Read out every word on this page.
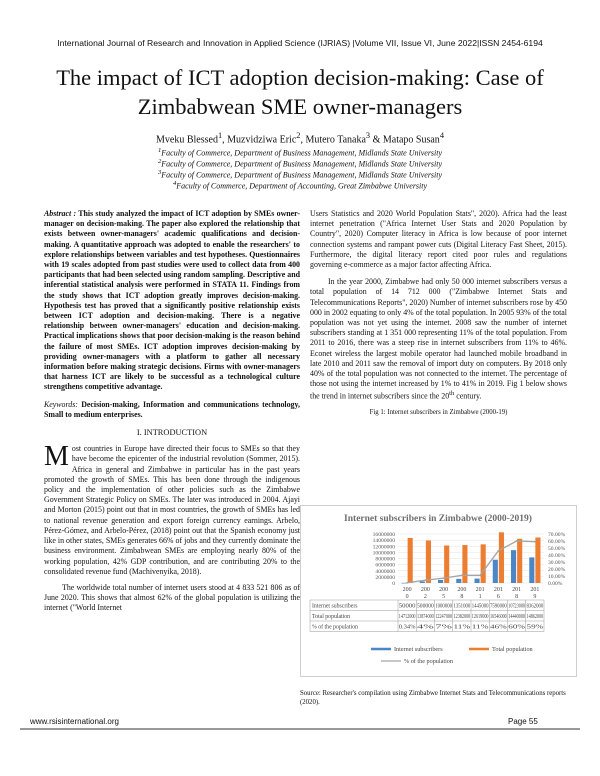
International Journal of Research and Innovation in Applied Science (IJRIAS) |Volume VII, Issue VI, June 2022|ISSN 2454-6194
The impact of ICT adoption decision-making: Case of
Zimbabwean SME owner-managers
Mveku Blessed$^1$, Muzvidziwa Eric$^2$, Mutero Tanaka$^3$ & Matapo Susan$^4$
$^1$Faculty of Commerce, Department of Business Management, Midlands State University
$^2$Faculty of Commerce, Department of Business Management, Midlands State University
$^3$Faculty of Commerce, Department of Business Management, Midlands State University
$^4$Faculty of Commerce, Department of Accounting, Great Zimbabwe University

Abstract : This study analyzed the impact of ICT adoption by SMEs owner-manager on decision-making. The paper also explored the relationship that exists between owner-managers' academic qualifications and decision-making. A quantitative approach was adopted to enable the researchers' to explore relationships between variables and test hypotheses. Questionnaires with 19 scales adopted from past studies were used to collect data from 400 participants that had been selected using random sampling. Descriptive and inferential statistical analysis were performed in STATA 11. Findings from the study shows that ICT adoption greatly improves decision-making. Hypothesis test has proved that a significantly positive relationship exists between ICT adoption and decision-making. There is a negative relationship between owner-managers' education and decision-making. Practical implications shows that poor decision-making is the reason behind the failure of most SMEs. ICT adoption improves decision-making by providing owner-managers with a platform to gather all necessary information before making strategic decisions. Firms with owner-managers that harness ICT are likely to be successful as a technological culture strengthens competitive advantage.

Keywords: Decision-making, Information and communications technology, Small to medium enterprises.

I. INTRODUCTION

Most countries in Europe have directed their focus to SMEs so that they have become the epicenter of the industrial revolution (Sommer, 2015). Africa in general and Zimbabwe in particular has in the past years promoted the growth of SMEs. This has been done through the indigenous policy and the implementation of other policies such as the Zimbabwe Government Strategic Policy on SMEs. The later was introduced in 2004. Ajayi and Morton (2015) point out that in most countries, the growth of SMEs has led to national revenue generation and export foreign currency earnings. Arbelo, Pérez-Gómez, and Arbelo-Pérez, (2018) point out that the Spanish economy just like in other states, SMEs generates 66% of jobs and they currently dominate the business environment. Zimbabwean SMEs are employing nearly 80% of the working population, 42% GDP contribution, and are contributing 20% to the consolidated revenue fund (Machivenyika, 2018).

The worldwide total number of internet users stood at 4 833 521 806 as of June 2020. This shows that almost 62% of the global population is utilizing the internet ("World Internet

Users Statistics and 2020 World Population Stats", 2020). Africa had the least internet penetration ("Africa Internet User Stats and 2020 Population by Country", 2020) Computer literacy in Africa is low because of poor internet connection systems and rampant power cuts (Digital Literacy Fast Sheet, 2015). Furthermore, the digital literacy report cited poor rules and regulations governing e-commerce as a major factor affecting Africa.

In the year 2000, Zimbabwe had only 50 000 internet subscribers versus a total population of 14 712 000 ("Zimbabwe Internet Stats and Telecommunications Reports", 2020) Number of internet subscribers rose by 450 000 in 2002 equating to only 4% of the total population. In 2005 93% of the total population was not yet using the internet. 2008 saw the number of internet subscribers standing at 1 351 000 representing 11% of the total population. From 2011 to 2016, there was a steep rise in internet subscribers from 11% to 46%. Econet wireless the largest mobile operator had launched mobile broadband in late 2010 and 2011 saw the removal of import duty on computers. By 2018 only 40% of the total population was not connected to the internet. The percentage of those not using the internet increased by 1% to 41% in 2019. Fig 1 below shows the trend in internet subscribers since the 20th century.

Fig 1: Internet subscribers in Zimbabwe (2000-19)
Internet subscribers in Zimbabwe (2000-2019)
0
2000000
4000000
6000000
8000000
10000000
12000000
14000000
16000000
0.00%
10.00%
20.00%
30.00%
40.00%
50.00%
60.00%
70.00%
200
0
200
2
200
5
200
8
201
1
201
6
201
8
201
9
Internet subscribers	50000 500000 1000000 1351000 1445000 7590000 10723000 8362000
Total population	14712000 13874000 12247000 12382000 12619000 16546000 14440000 14862000
% of the population	0.34% 4% 7% 11% 11% 46% 60% 59%
Internet subscribers	Total population
% of the population
Source: Researcher's compilation using Zimbabwe Internet Stats and Telecommunications reports (2020).
www.rsisinternational.org	Page 55
